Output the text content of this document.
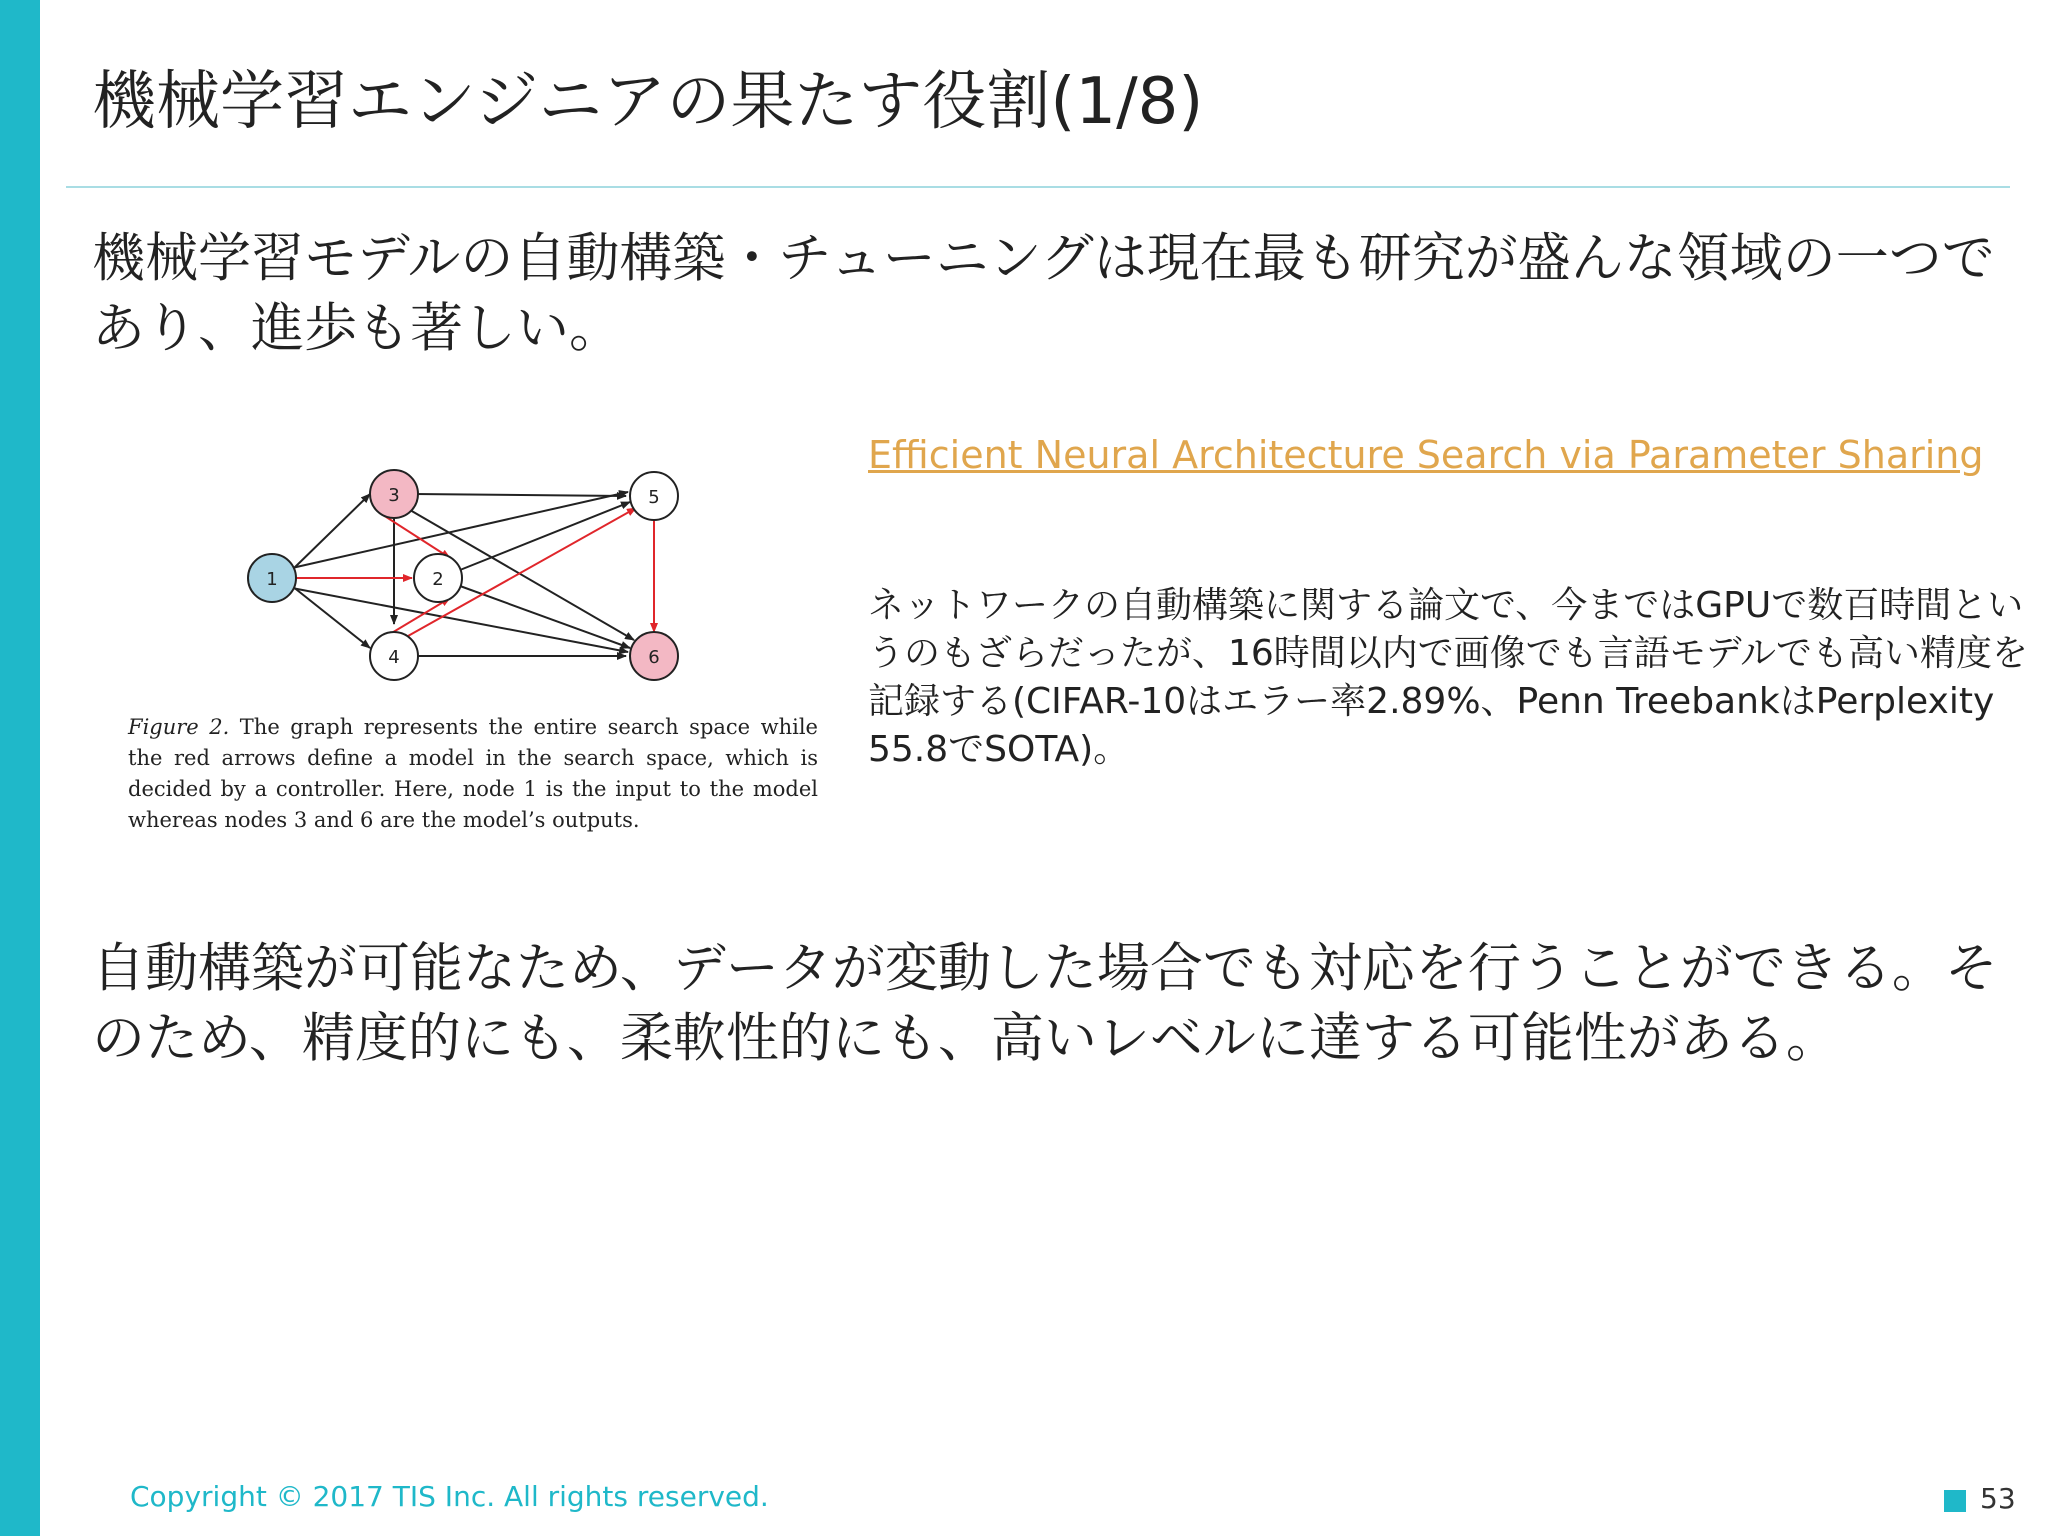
機械学習エンジニアの果たす役割(1/8)
機械学習モデルの自動構築・チューニングは現在最も研究が盛んな領域の一つであり、進歩も著しい。
1	2
3
4
5
6
Figure 2. The graph represents the entire search space while the red arrows define a model in the search space, which is decided by a controller. Here, node 1 is the input to the model whereas nodes 3 and 6 are the model’s outputs.
Efficient Neural Architecture Search via Parameter Sharing
ネットワークの自動構築に関する論文で、今まではGPUで数百時間というのもざらだったが、16時間以内で画像でも言語モデルでも高い精度を記録する(CIFAR-10はエラー率2.89%、Penn TreebankはPerplexity 55.8でSOTA)。
自動構築が可能なため、データが変動した場合でも対応を行うことができる。そのため、精度的にも、柔軟性的にも、高いレベルに達する可能性がある。
Copyright © 2017 TIS Inc. All rights reserved.	53
